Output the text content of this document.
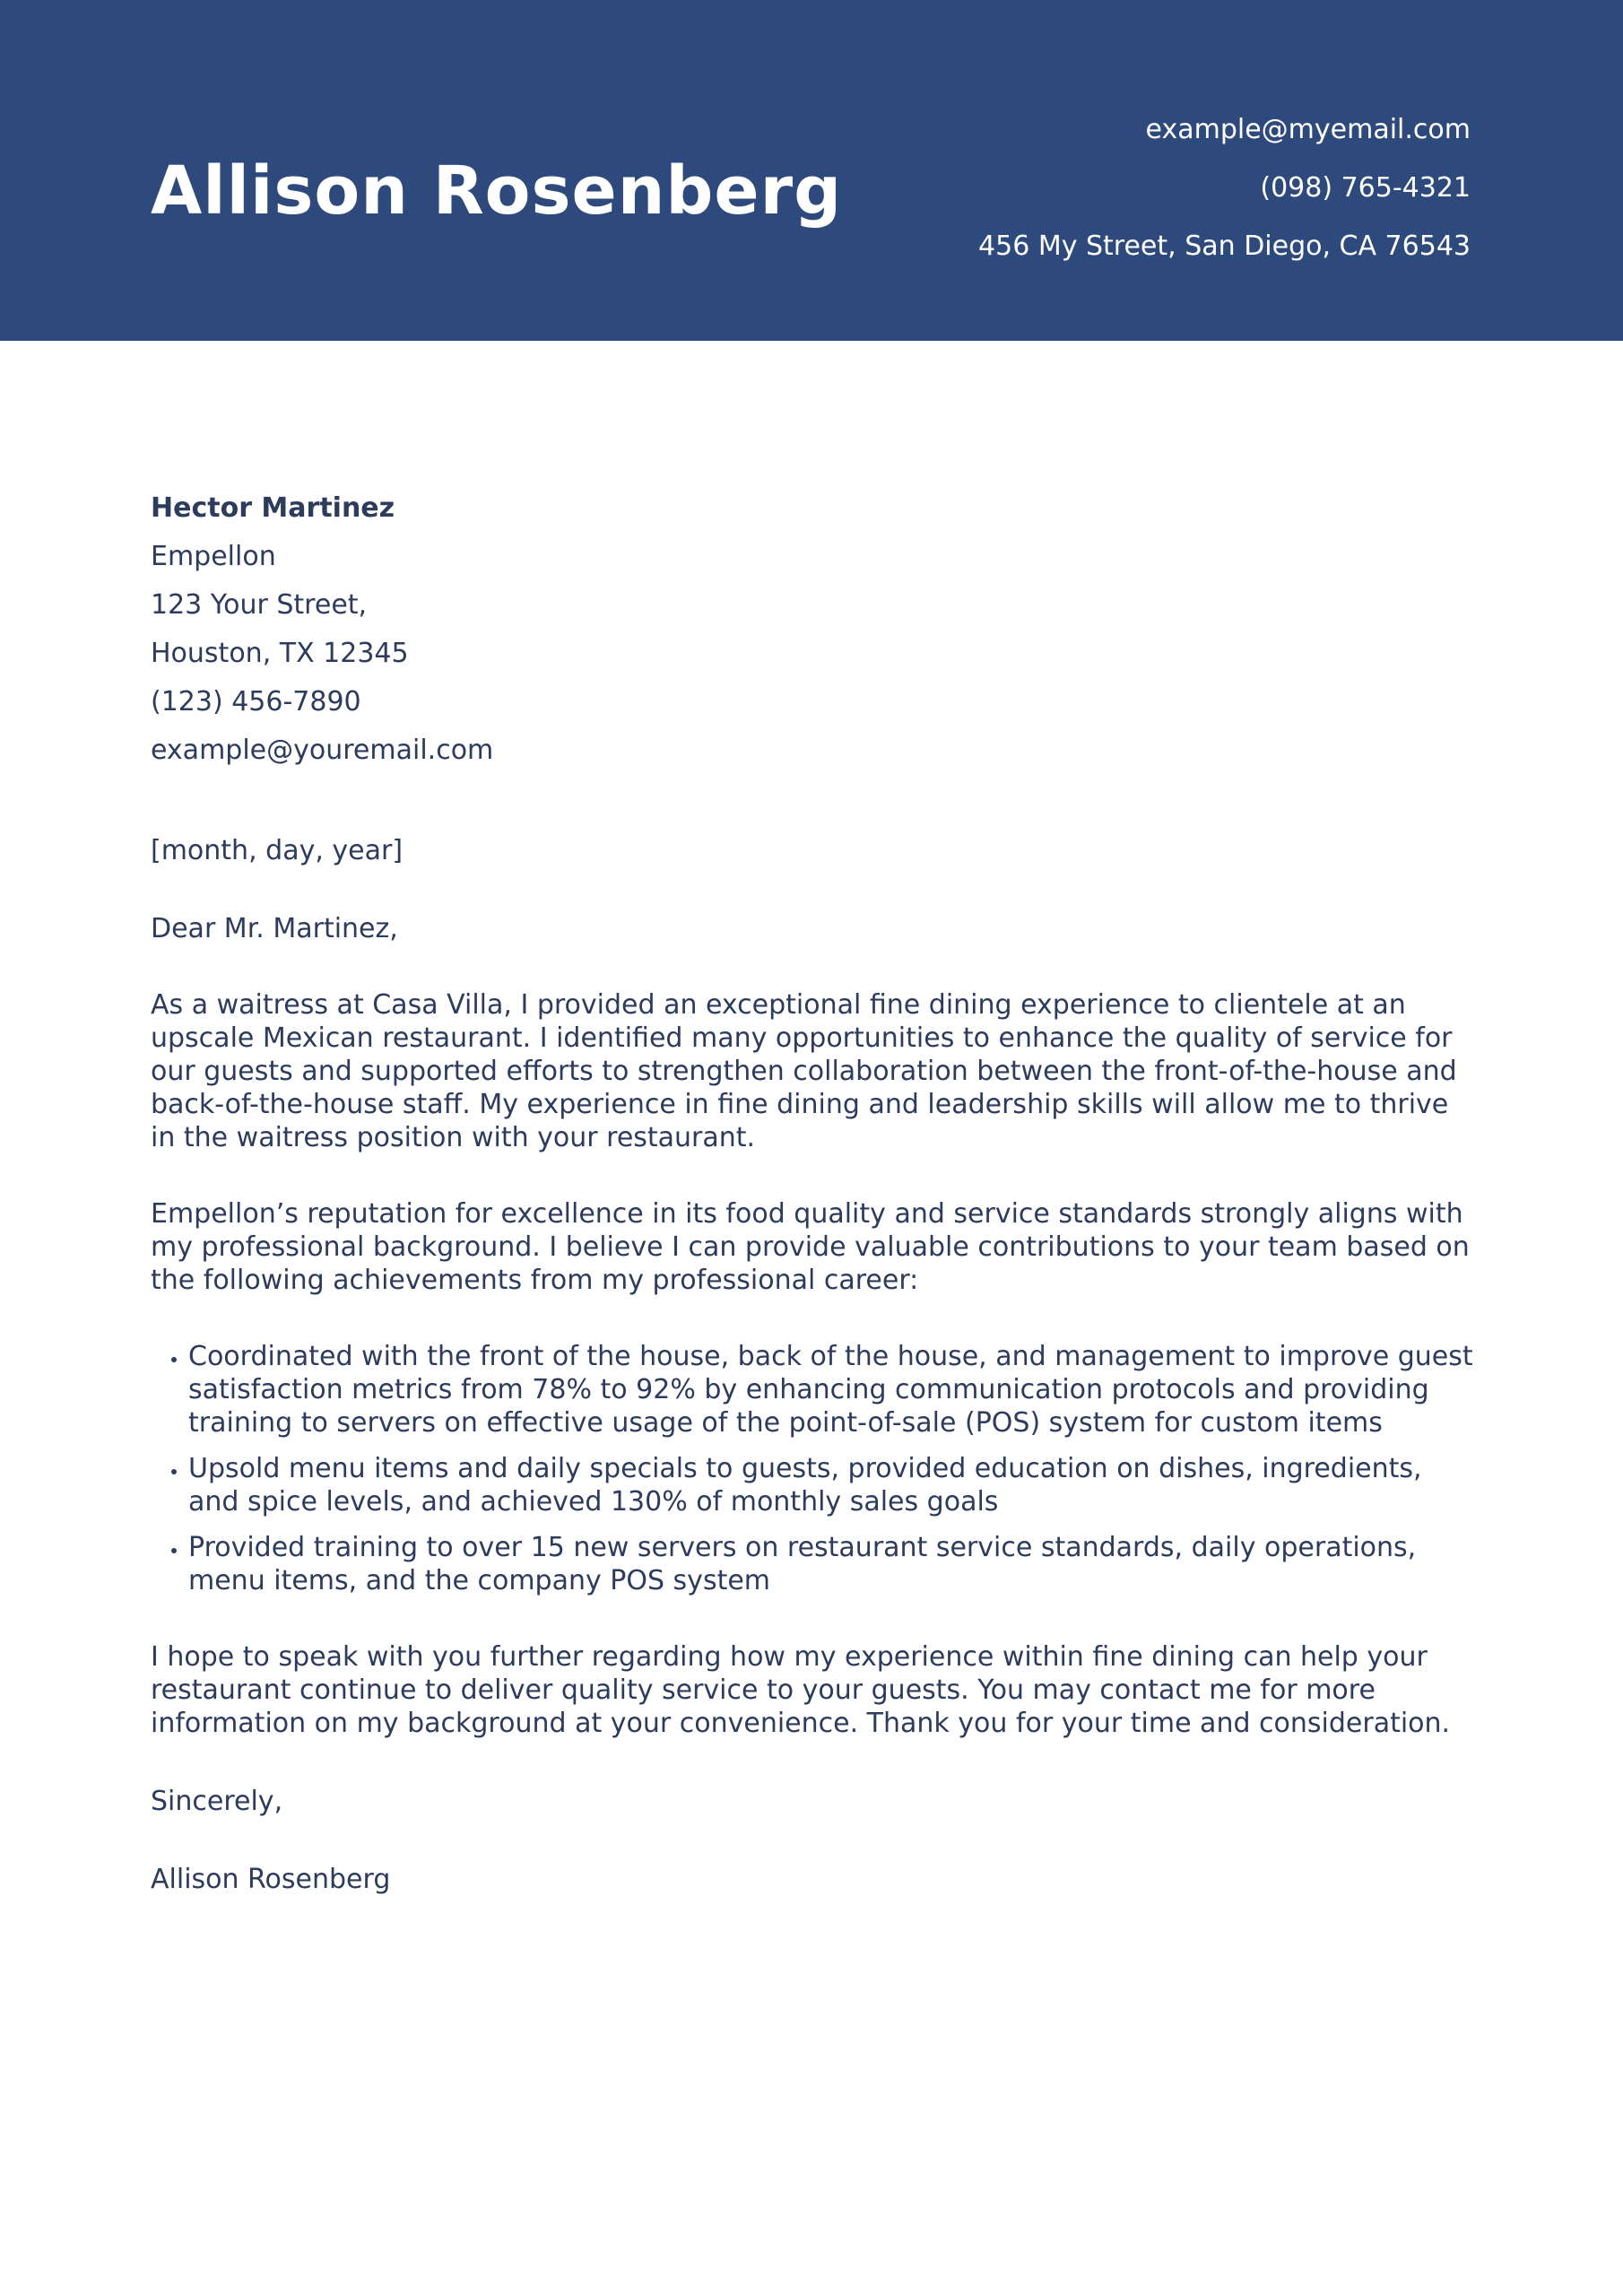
Allison Rosenberg
example@myemail.com
(098) 765-4321
456 My Street, San Diego, CA 76543
Hector Martinez
Empellon
123 Your Street,
Houston, TX 12345
(123) 456-7890
example@youremail.com
[month, day, year]
Dear Mr. Martinez,

As a waitress at Casa Villa, I provided an exceptional fine dining experience to clientele at an upscale Mexican restaurant. I identified many opportunities to enhance the quality of service for our guests and supported efforts to strengthen collaboration between the front-of-the-house and back-of-the-house staff. My experience in fine dining and leadership skills will allow me to thrive in the waitress position with your restaurant.

Empellon’s reputation for excellence in its food quality and service standards strongly aligns with my professional background. I believe I can provide valuable contributions to your team based on the following achievements from my professional career:

• Coordinated with the front of the house, back of the house, and management to improve guest satisfaction metrics from 78% to 92% by enhancing communication protocols and providing training to servers on effective usage of the point-of-sale (POS) system for custom items
• Upsold menu items and daily specials to guests, provided education on dishes, ingredients, and spice levels, and achieved 130% of monthly sales goals
• Provided training to over 15 new servers on restaurant service standards, daily operations, menu items, and the company POS system

I hope to speak with you further regarding how my experience within fine dining can help your restaurant continue to deliver quality service to your guests. You may contact me for more information on my background at your convenience. Thank you for your time and consideration.

Sincerely,
Allison Rosenberg
